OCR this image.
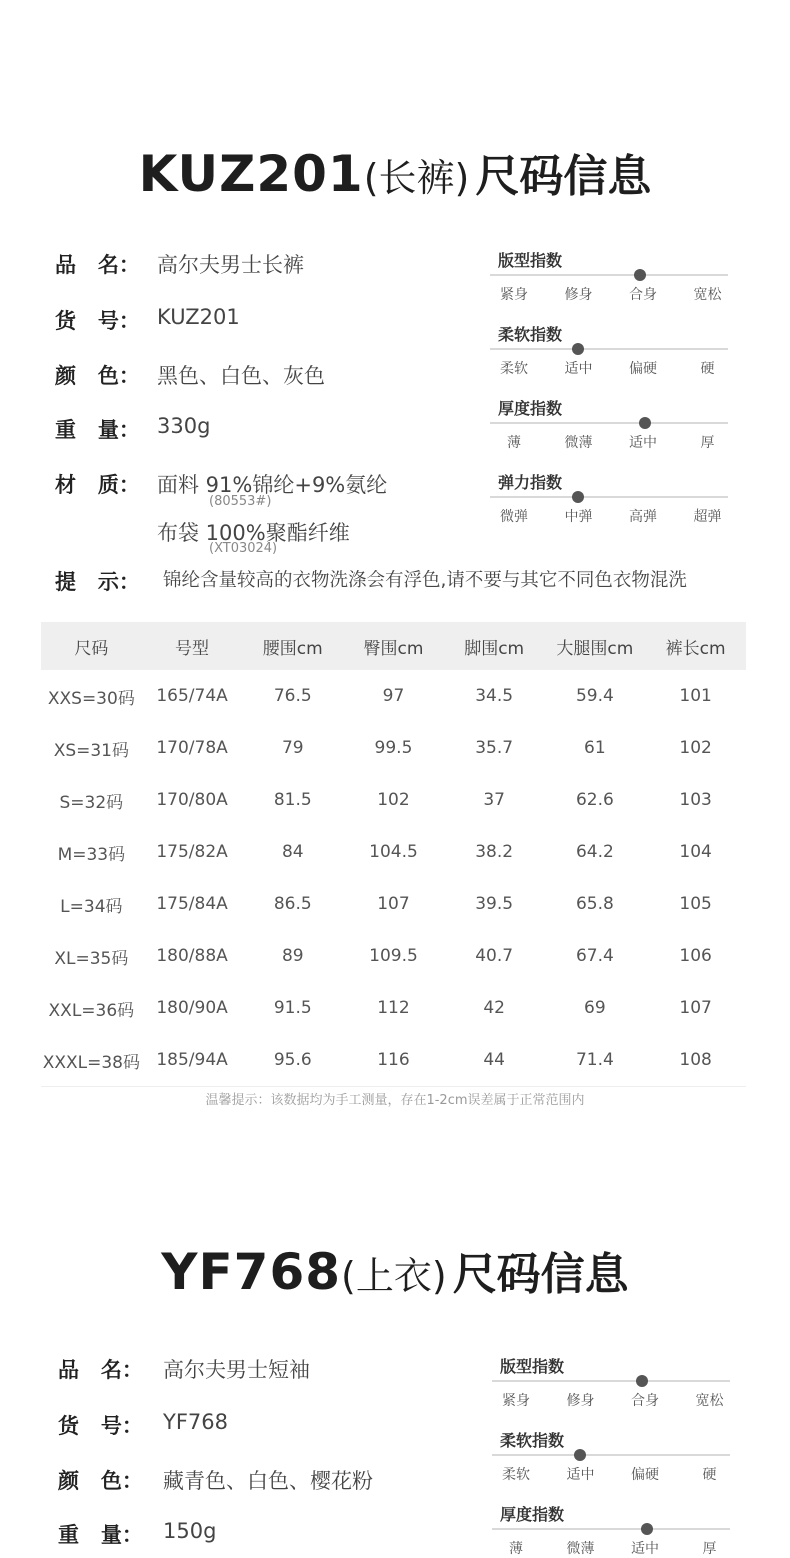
KUZ201(长裤) 尺码信息
品   名： 高尔夫男士长裤
货   号： KUZ201
颜   色： 黑色、白色、灰色
重   量： 330g
材   质： 面料 91%锦纶+9%氨纶
(80553#)
布袋 100%聚酯纤维
(XT03024)
提   示： 锦纶含量较高的衣物洗涤会有浮色,请不要与其它不同色衣物混洗
版型指数
紧身	修身	合身	宽松
柔软指数
柔软	适中	偏硬	硬
厚度指数
薄	微薄	适中	厚
弹力指数
微弹	中弹	高弹	超弹
尺码	号型	腰围cm	臀围cm	脚围cm	大腿围cm	裤长cm
XXS=30码	165/74A	76.5	97	34.5	59.4	101
XS=31码	170/78A	79	99.5	35.7	61	102
S=32码	170/80A	81.5	102	37	62.6	103
M=33码	175/82A	84	104.5	38.2	64.2	104
L=34码	175/84A	86.5	107	39.5	65.8	105
XL=35码	180/88A	89	109.5	40.7	67.4	106
XXL=36码	180/90A	91.5	112	42	69	107
XXXL=38码	185/94A	95.6	116	44	71.4	108
温馨提示：该数据均为手工测量，存在1-2cm误差属于正常范围内
YF768(上衣) 尺码信息
品   名： 高尔夫男士短袖
货   号： YF768
颜   色： 藏青色、白色、樱花粉
重   量： 150g
版型指数
紧身	修身	合身	宽松
柔软指数
柔软	适中	偏硬	硬
厚度指数
薄	微薄	适中	厚
